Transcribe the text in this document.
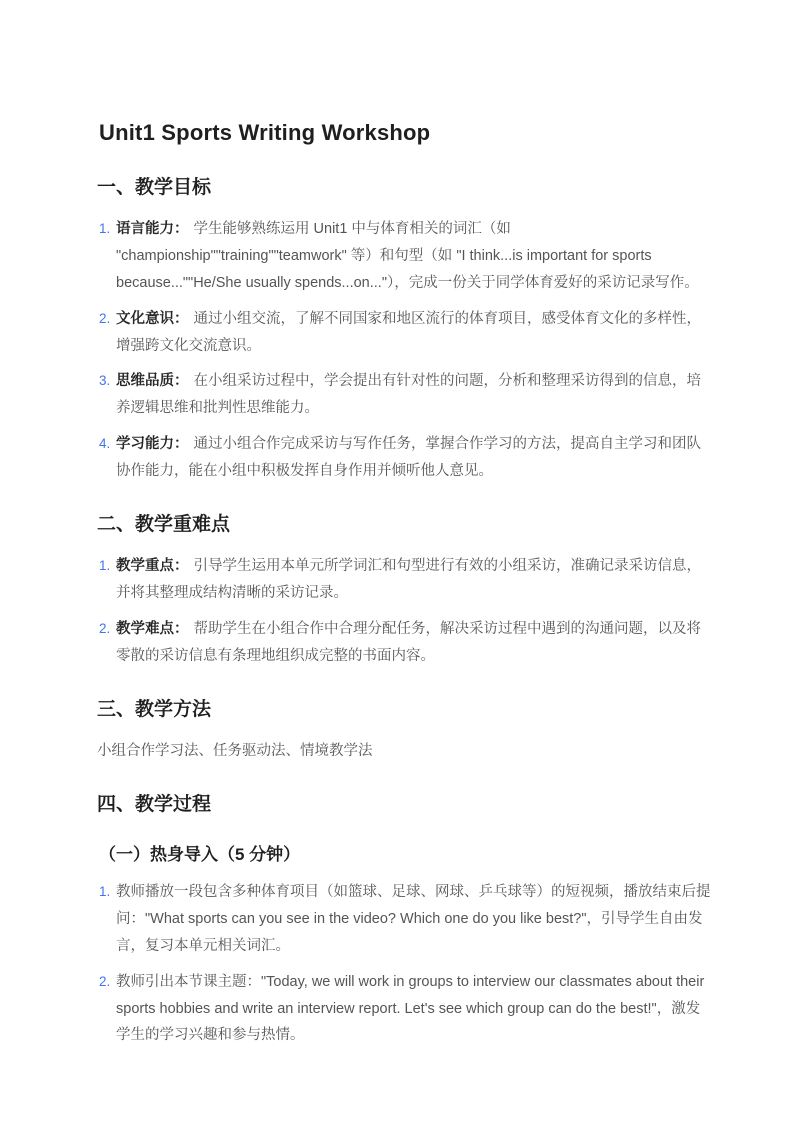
Unit1 Sports Writing Workshop
一、教学目标
1. 语言能力： 学生能够熟练运用 Unit1 中与体育相关的词汇（如 "championship""training""teamwork" 等）和句型（如 "I think...is important for sports because...""He/She usually spends...on..."），完成一份关于同学体育爱好的采访记录写作。
2. 文化意识： 通过小组交流，了解不同国家和地区流行的体育项目，感受体育文化的多样性，增强跨文化交流意识。
3. 思维品质： 在小组采访过程中，学会提出有针对性的问题，分析和整理采访得到的信息，培养逻辑思维和批判性思维能力。
4. 学习能力： 通过小组合作完成采访与写作任务，掌握合作学习的方法，提高自主学习和团队协作能力，能在小组中积极发挥自身作用并倾听他人意见。
二、教学重难点
1. 教学重点： 引导学生运用本单元所学词汇和句型进行有效的小组采访，准确记录采访信息，并将其整理成结构清晰的采访记录。
2. 教学难点： 帮助学生在小组合作中合理分配任务，解决采访过程中遇到的沟通问题，以及将零散的采访信息有条理地组织成完整的书面内容。
三、教学方法

小组合作学习法、任务驱动法、情境教学法

四、教学过程
（一）热身导入（5 分钟）
1. 教师播放一段包含多种体育项目（如篮球、足球、网球、乒乓球等）的短视频，播放结束后提问："What sports can you see in the video? Which one do you like best?"，引导学生自由发言，复习本单元相关词汇。
2. 教师引出本节课主题："Today, we will work in groups to interview our classmates about their sports hobbies and write an interview report. Let's see which group can do the best!"，激发学生的学习兴趣和参与热情。
